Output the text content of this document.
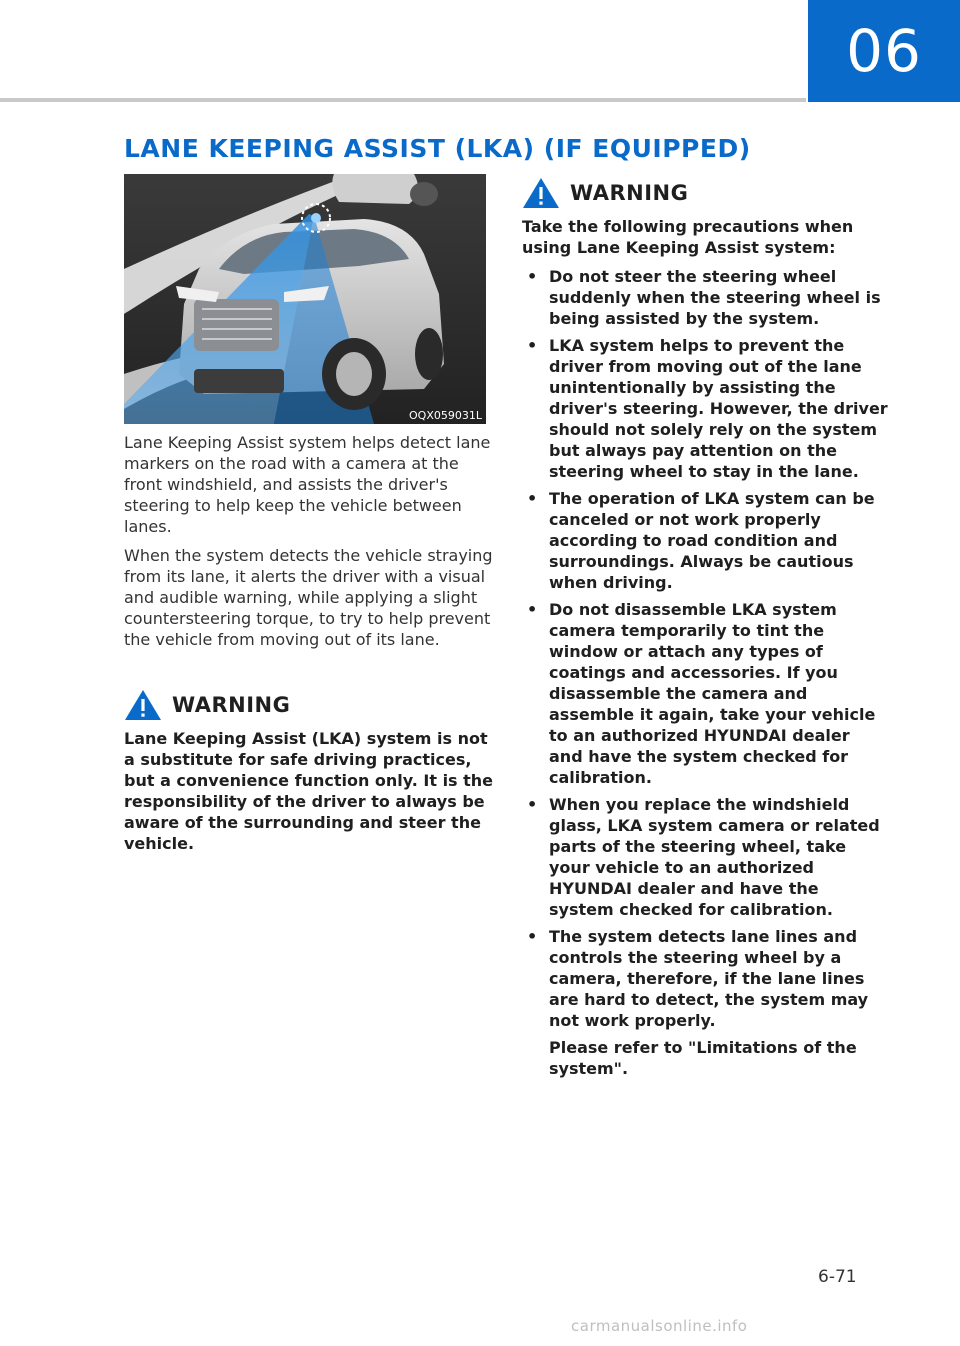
06
LANE KEEPING ASSIST (LKA) (IF EQUIPPED)
OQX059031L

Lane Keeping Assist system helps detect lane markers on the road with a camera at the front windshield, and assists the driver's steering to help keep the vehicle between lanes.

When the system detects the vehicle straying from its lane, it alerts the driver with a visual and audible warning, while applying a slight countersteering torque, to try to help prevent the vehicle from moving out of its lane.

WARNING

Lane Keeping Assist (LKA) system is not a substitute for safe driving practices, but a convenience function only. It is the responsibility of the driver to always be aware of the surrounding and steer the vehicle.

WARNING

Take the following precautions when using Lane Keeping Assist system:

• Do not steer the steering wheel suddenly when the steering wheel is being assisted by the system.
• LKA system helps to prevent the driver from moving out of the lane unintentionally by assisting the driver's steering. However, the driver should not solely rely on the system but always pay attention on the steering wheel to stay in the lane.
• The operation of LKA system can be canceled or not work properly according to road condition and surroundings. Always be cautious when driving.
• Do not disassemble LKA system camera temporarily to tint the window or attach any types of coatings and accessories. If you disassemble the camera and assemble it again, take your vehicle to an authorized HYUNDAI dealer and have the system checked for calibration.
• When you replace the windshield glass, LKA system camera or related parts of the steering wheel, take your vehicle to an authorized HYUNDAI dealer and have the system checked for calibration.
• The system detects lane lines and controls the steering wheel by a camera, therefore, if the lane lines are hard to detect, the system may not work properly.
Please refer to "Limitations of the system".
6-71
carmanualsonline.info
